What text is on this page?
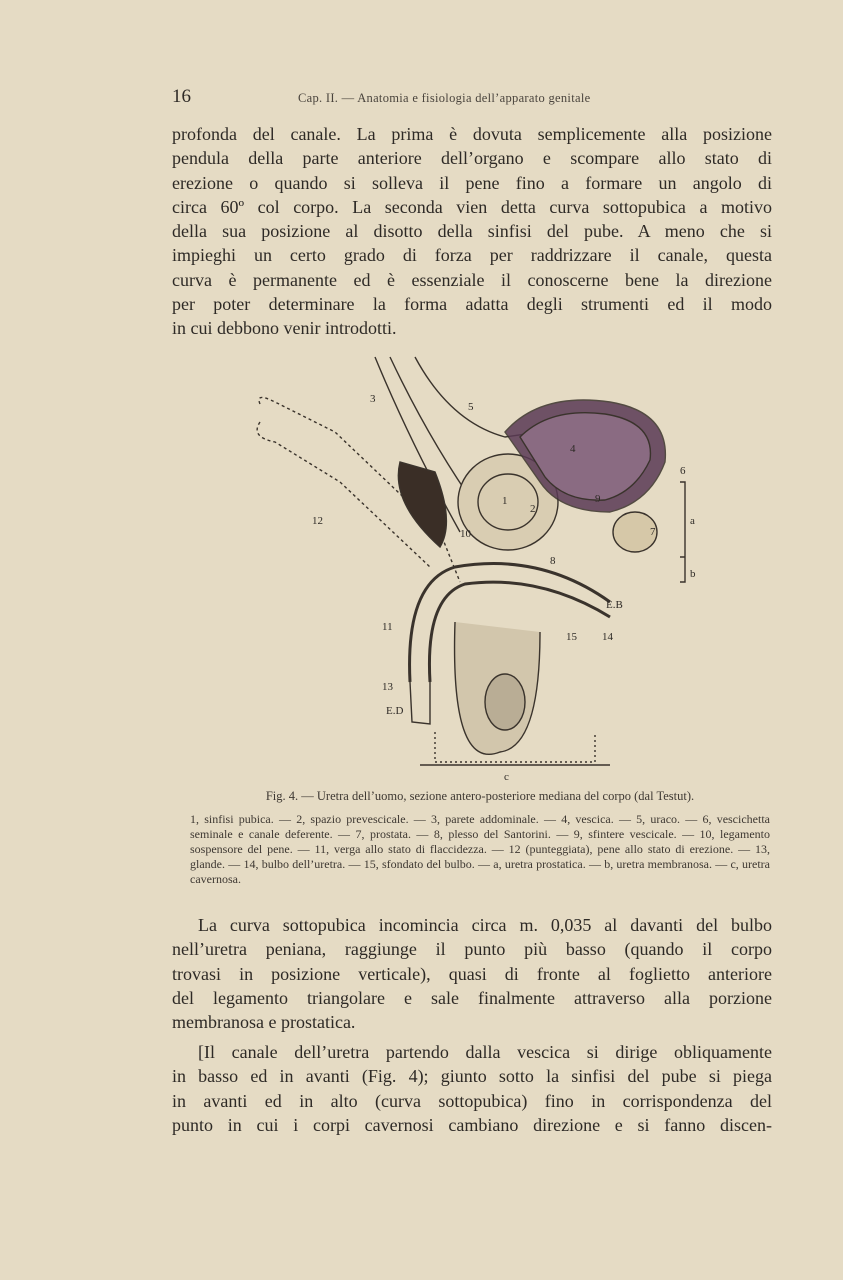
16	Cap. II. — Anatomia e fisiologia dell’apparato genitale
profonda del canale. La prima è dovuta semplicemente alla posizione
pendula della parte anteriore dell’organo e scompare allo stato di
erezione o quando si solleva il pene fino a formare un angolo di
circa 60º col corpo. La seconda vien detta curva sottopubica a motivo
della sua posizione al disotto della sinfisi del pube. A meno che si
impieghi un certo grado di forza per raddrizzare il canale, questa
curva è permanente ed è essenziale il conoscerne bene la direzione
per poter determinare la forma adatta degli strumenti ed il modo
in cui debbono venir introdotti.
3
5
4
6
9
1
2
7
a
12
10
8
b
E.B
11
15 14
13
E.D
c
Fig. 4. — Uretra dell’uomo, sezione antero-posteriore mediana del corpo (dal Testut).
1, sinfisi pubica. — 2, spazio prevescicale. — 3, parete addominale. — 4, vescica. — 5, uraco. — 6, vescichetta seminale e canale deferente. — 7, prostata. — 8, plesso del Santorini. — 9, sfintere vescicale. — 10, legamento sospensore del pene. — 11, verga allo stato di flaccidezza. — 12 (punteggiata), pene allo stato di erezione. — 13, glande. — 14, bulbo dell’uretra. — 15, sfondato del bulbo. — a, uretra prostatica. — b, uretra membranosa. — c, uretra cavernosa.
La curva sottopubica incomincia circa m. 0,035 al davanti del bulbo
nell’uretra peniana, raggiunge il punto più basso (quando il corpo
trovasi in posizione verticale), quasi di fronte al foglietto anteriore
del legamento triangolare e sale finalmente attraverso alla porzione
membranosa e prostatica.
[Il canale dell’uretra partendo dalla vescica si dirige obliquamente
in basso ed in avanti (Fig. 4); giunto sotto la sinfisi del pube si piega
in avanti ed in alto (curva sottopubica) fino in corrispondenza del
punto in cui i corpi cavernosi cambiano direzione e si fanno discen-
